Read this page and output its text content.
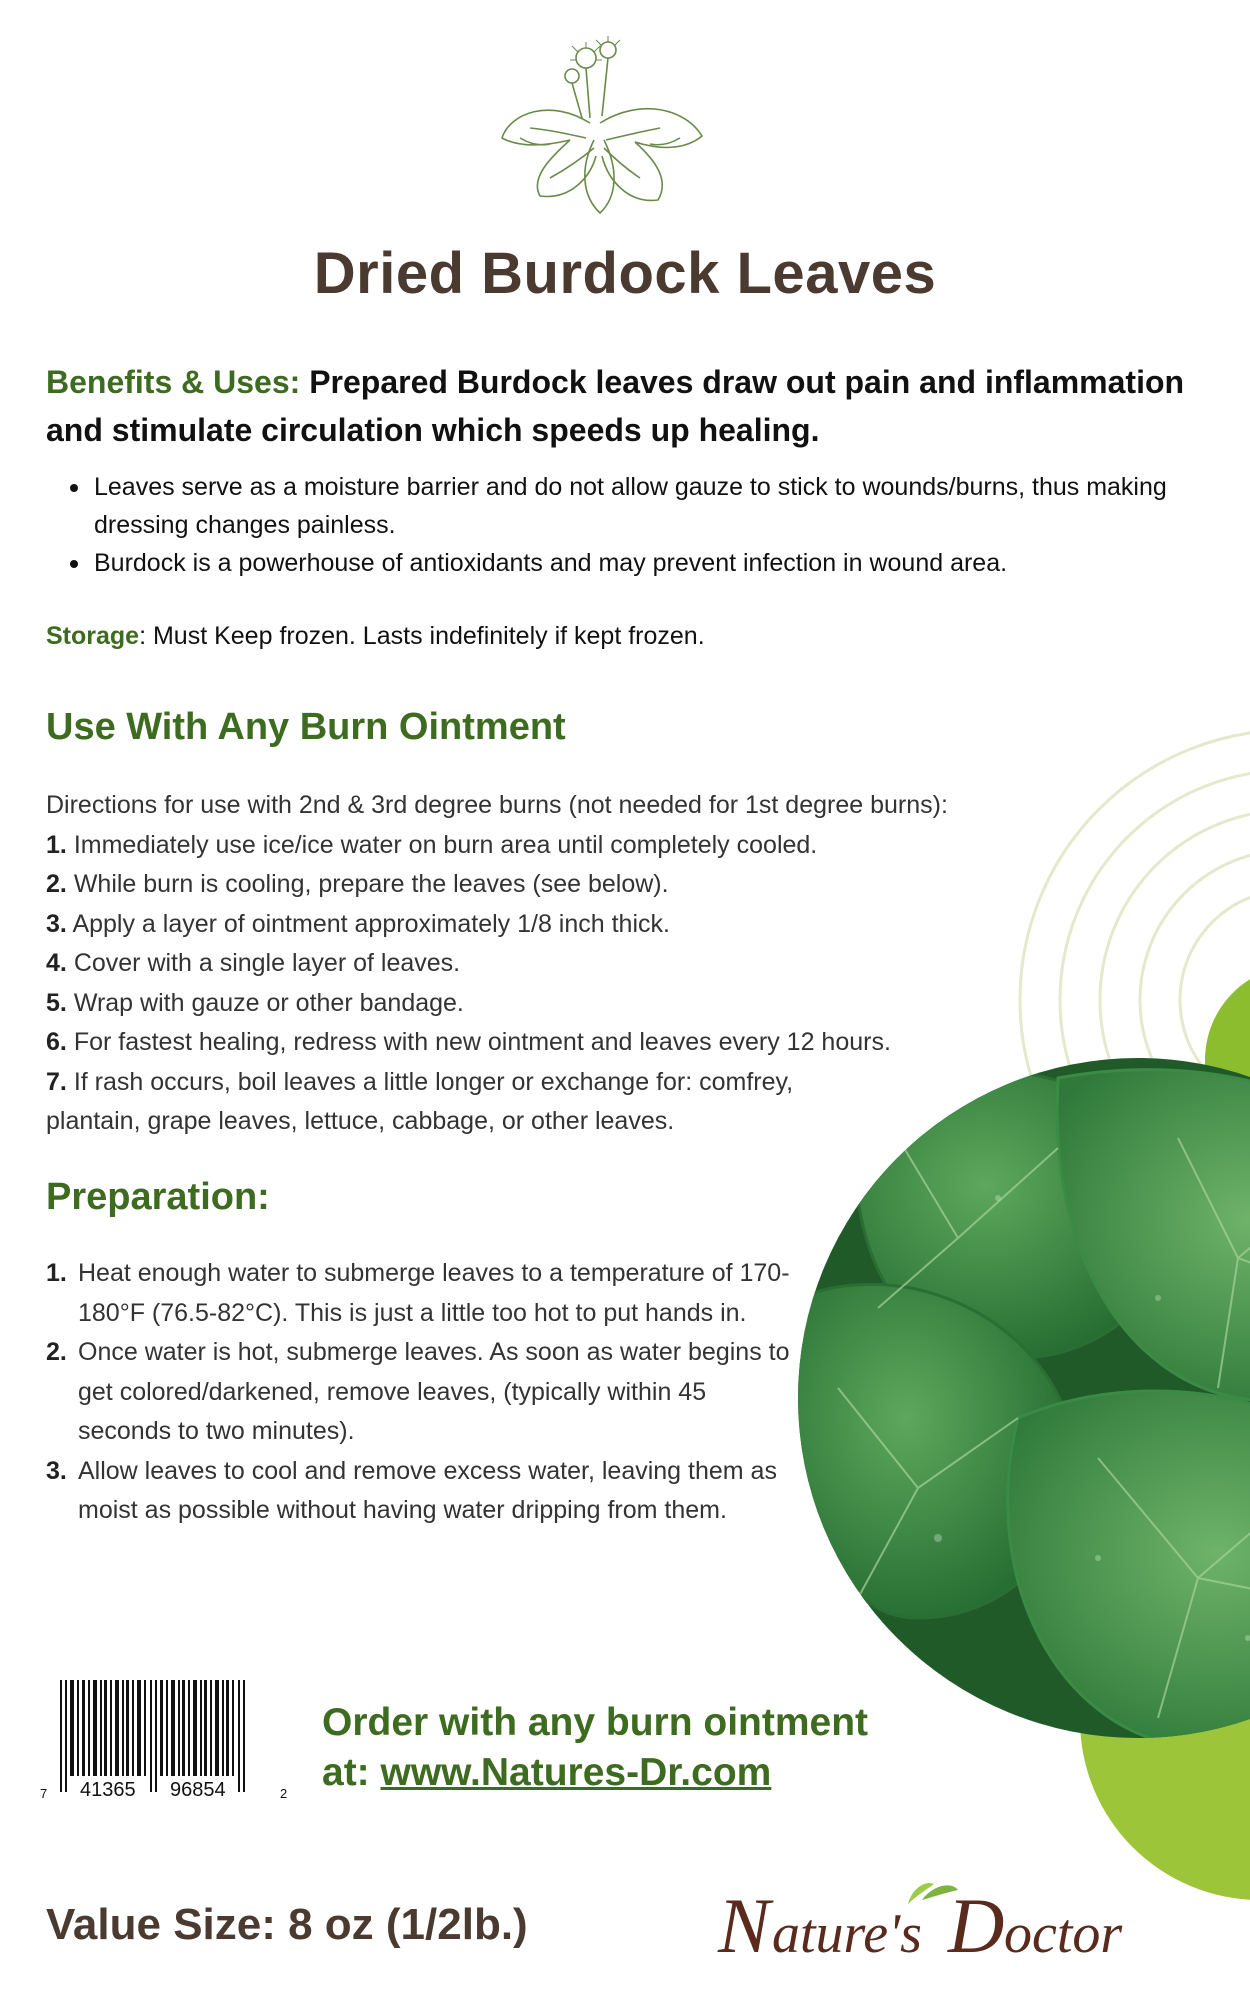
Dried Burdock Leaves
Benefits & Uses: Prepared Burdock leaves draw out pain and inflammation and stimulate circulation which speeds up healing.
Leaves serve as a moisture barrier and do not allow gauze to stick to wounds/burns, thus making dressing changes painless.
Burdock is a powerhouse of antioxidants and may prevent infection in wound area.
Storage: Must Keep frozen. Lasts indefinitely if kept frozen.
Use With Any Burn Ointment
Directions for use with 2nd & 3rd degree burns (not needed for 1st degree burns):
1. Immediately use ice/ice water on burn area until completely cooled.
2. While burn is cooling, prepare the leaves (see below).
3. Apply a layer of ointment approximately 1/8 inch thick.
4. Cover with a single layer of leaves.
5. Wrap with gauze or other bandage.
6. For fastest healing, redress with new ointment and leaves every 12 hours.
7. If rash occurs, boil leaves a little longer or exchange for: comfrey,
plantain, grape leaves, lettuce, cabbage, or other leaves.
Preparation:
1. Heat enough water to submerge leaves to a temperature of 170-180°F (76.5-82°C). This is just a little too hot to put hands in.
2. Once water is hot, submerge leaves. As soon as water begins to get colored/darkened, remove leaves, (typically within 45 seconds to two minutes).
3. Allow leaves to cool and remove excess water, leaving them as moist as possible without having water dripping from them.
7 41365 96854	2
Order with any burn ointment
at: www.Natures-Dr.com
Value Size: 8 oz (1/2lb.) N ature's D octor
